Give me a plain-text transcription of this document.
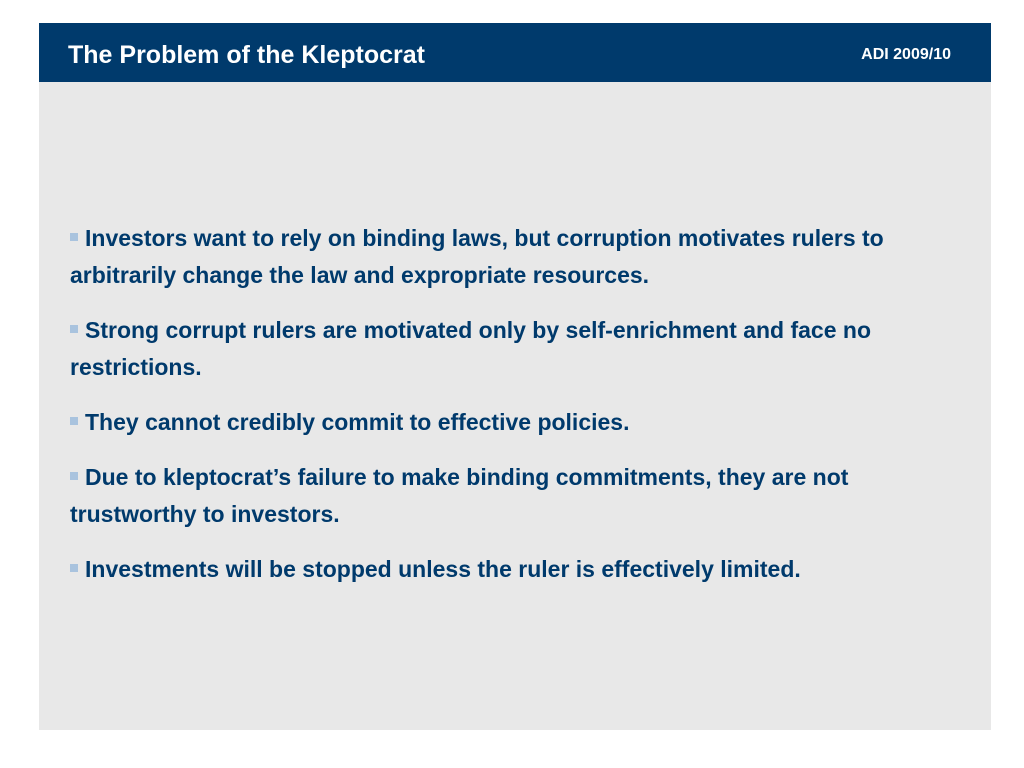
The Problem of the Kleptocrat	ADI 2009/10
Investors want to rely on binding laws, but corruption motivates rulers to arbitrarily change the law and expropriate resources.
Strong corrupt rulers are motivated only by self-enrichment and face no restrictions.
They cannot credibly commit to effective policies.
Due to kleptocrat’s failure to make binding commitments, they are not trustworthy to investors.
Investments will be stopped unless the ruler is effectively limited.
